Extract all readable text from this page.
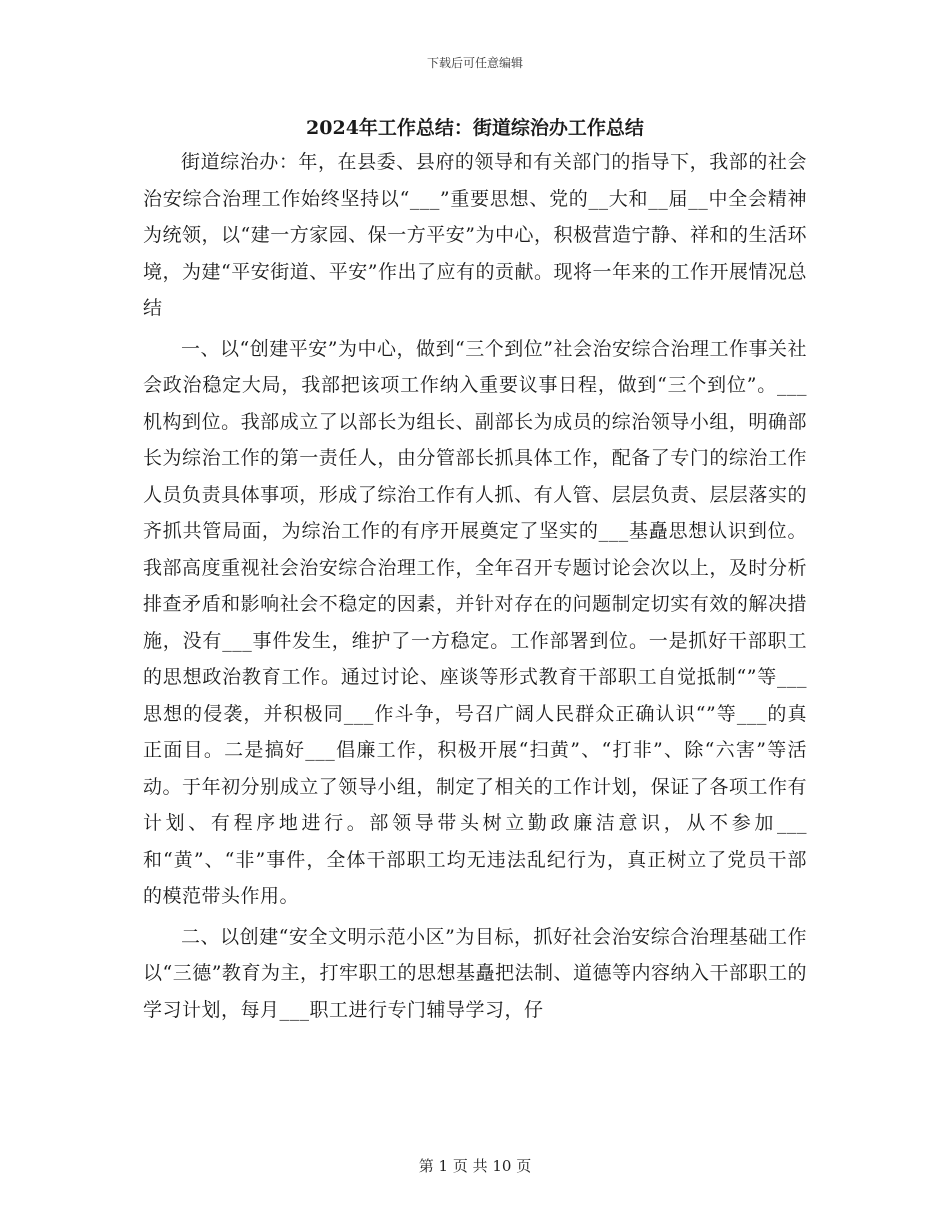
下载后可任意编辑
2024年工作总结：街道综治办工作总结

街道综治办：年，在县委、县府的领导和有关部门的指导下，我部的社会治安综合治理工作始终坚持以“___”重要思想、党的__大和__届__中全会精神为统领，以“建一方家园、保一方平安”为中心，积极营造宁静、祥和的生活环境，为建“平安街道、平安”作出了应有的贡献。现将一年来的工作开展情况总结

一、以“创建平安”为中心，做到“三个到位”社会治安综合治理工作事关社会政治稳定大局，我部把该项工作纳入重要议事日程，做到“三个到位”。___机构到位。我部成立了以部长为组长、副部长为成员的综治领导小组，明确部长为综治工作的第一责任人，由分管部长抓具体工作，配备了专门的综治工作人员负责具体事项，形成了综治工作有人抓、有人管、层层负责、层层落实的齐抓共管局面，为综治工作的有序开展奠定了坚实的___基矗思想认识到位。我部高度重视社会治安综合治理工作，全年召开专题讨论会次以上，及时分析排查矛盾和影响社会不稳定的因素，并针对存在的问题制定切实有效的解决措施，没有___事件发生，维护了一方稳定。工作部署到位。一是抓好干部职工的思想政治教育工作。通过讨论、座谈等形式教育干部职工自觉抵制“”等___思想的侵袭，并积极同___作斗争，号召广阔人民群众正确认识“”等___的真正面目。二是搞好___倡廉工作，积极开展“扫黄”、“打非”、除“六害”等活动。于年初分别成立了领导小组，制定了相关的工作计划，保证了各项工作有计划、有程序地进行。部领导带头树立勤政廉洁意识，从不参加___和“黄”、“非”事件，全体干部职工均无违法乱纪行为，真正树立了党员干部的模范带头作用。

二、以创建“安全文明示范小区”为目标，抓好社会治安综合治理基础工作以“三德”教育为主，打牢职工的思想基矗把法制、道德等内容纳入干部职工的学习计划，每月___职工进行专门辅导学习，仔

第 1 页 共 10 页
